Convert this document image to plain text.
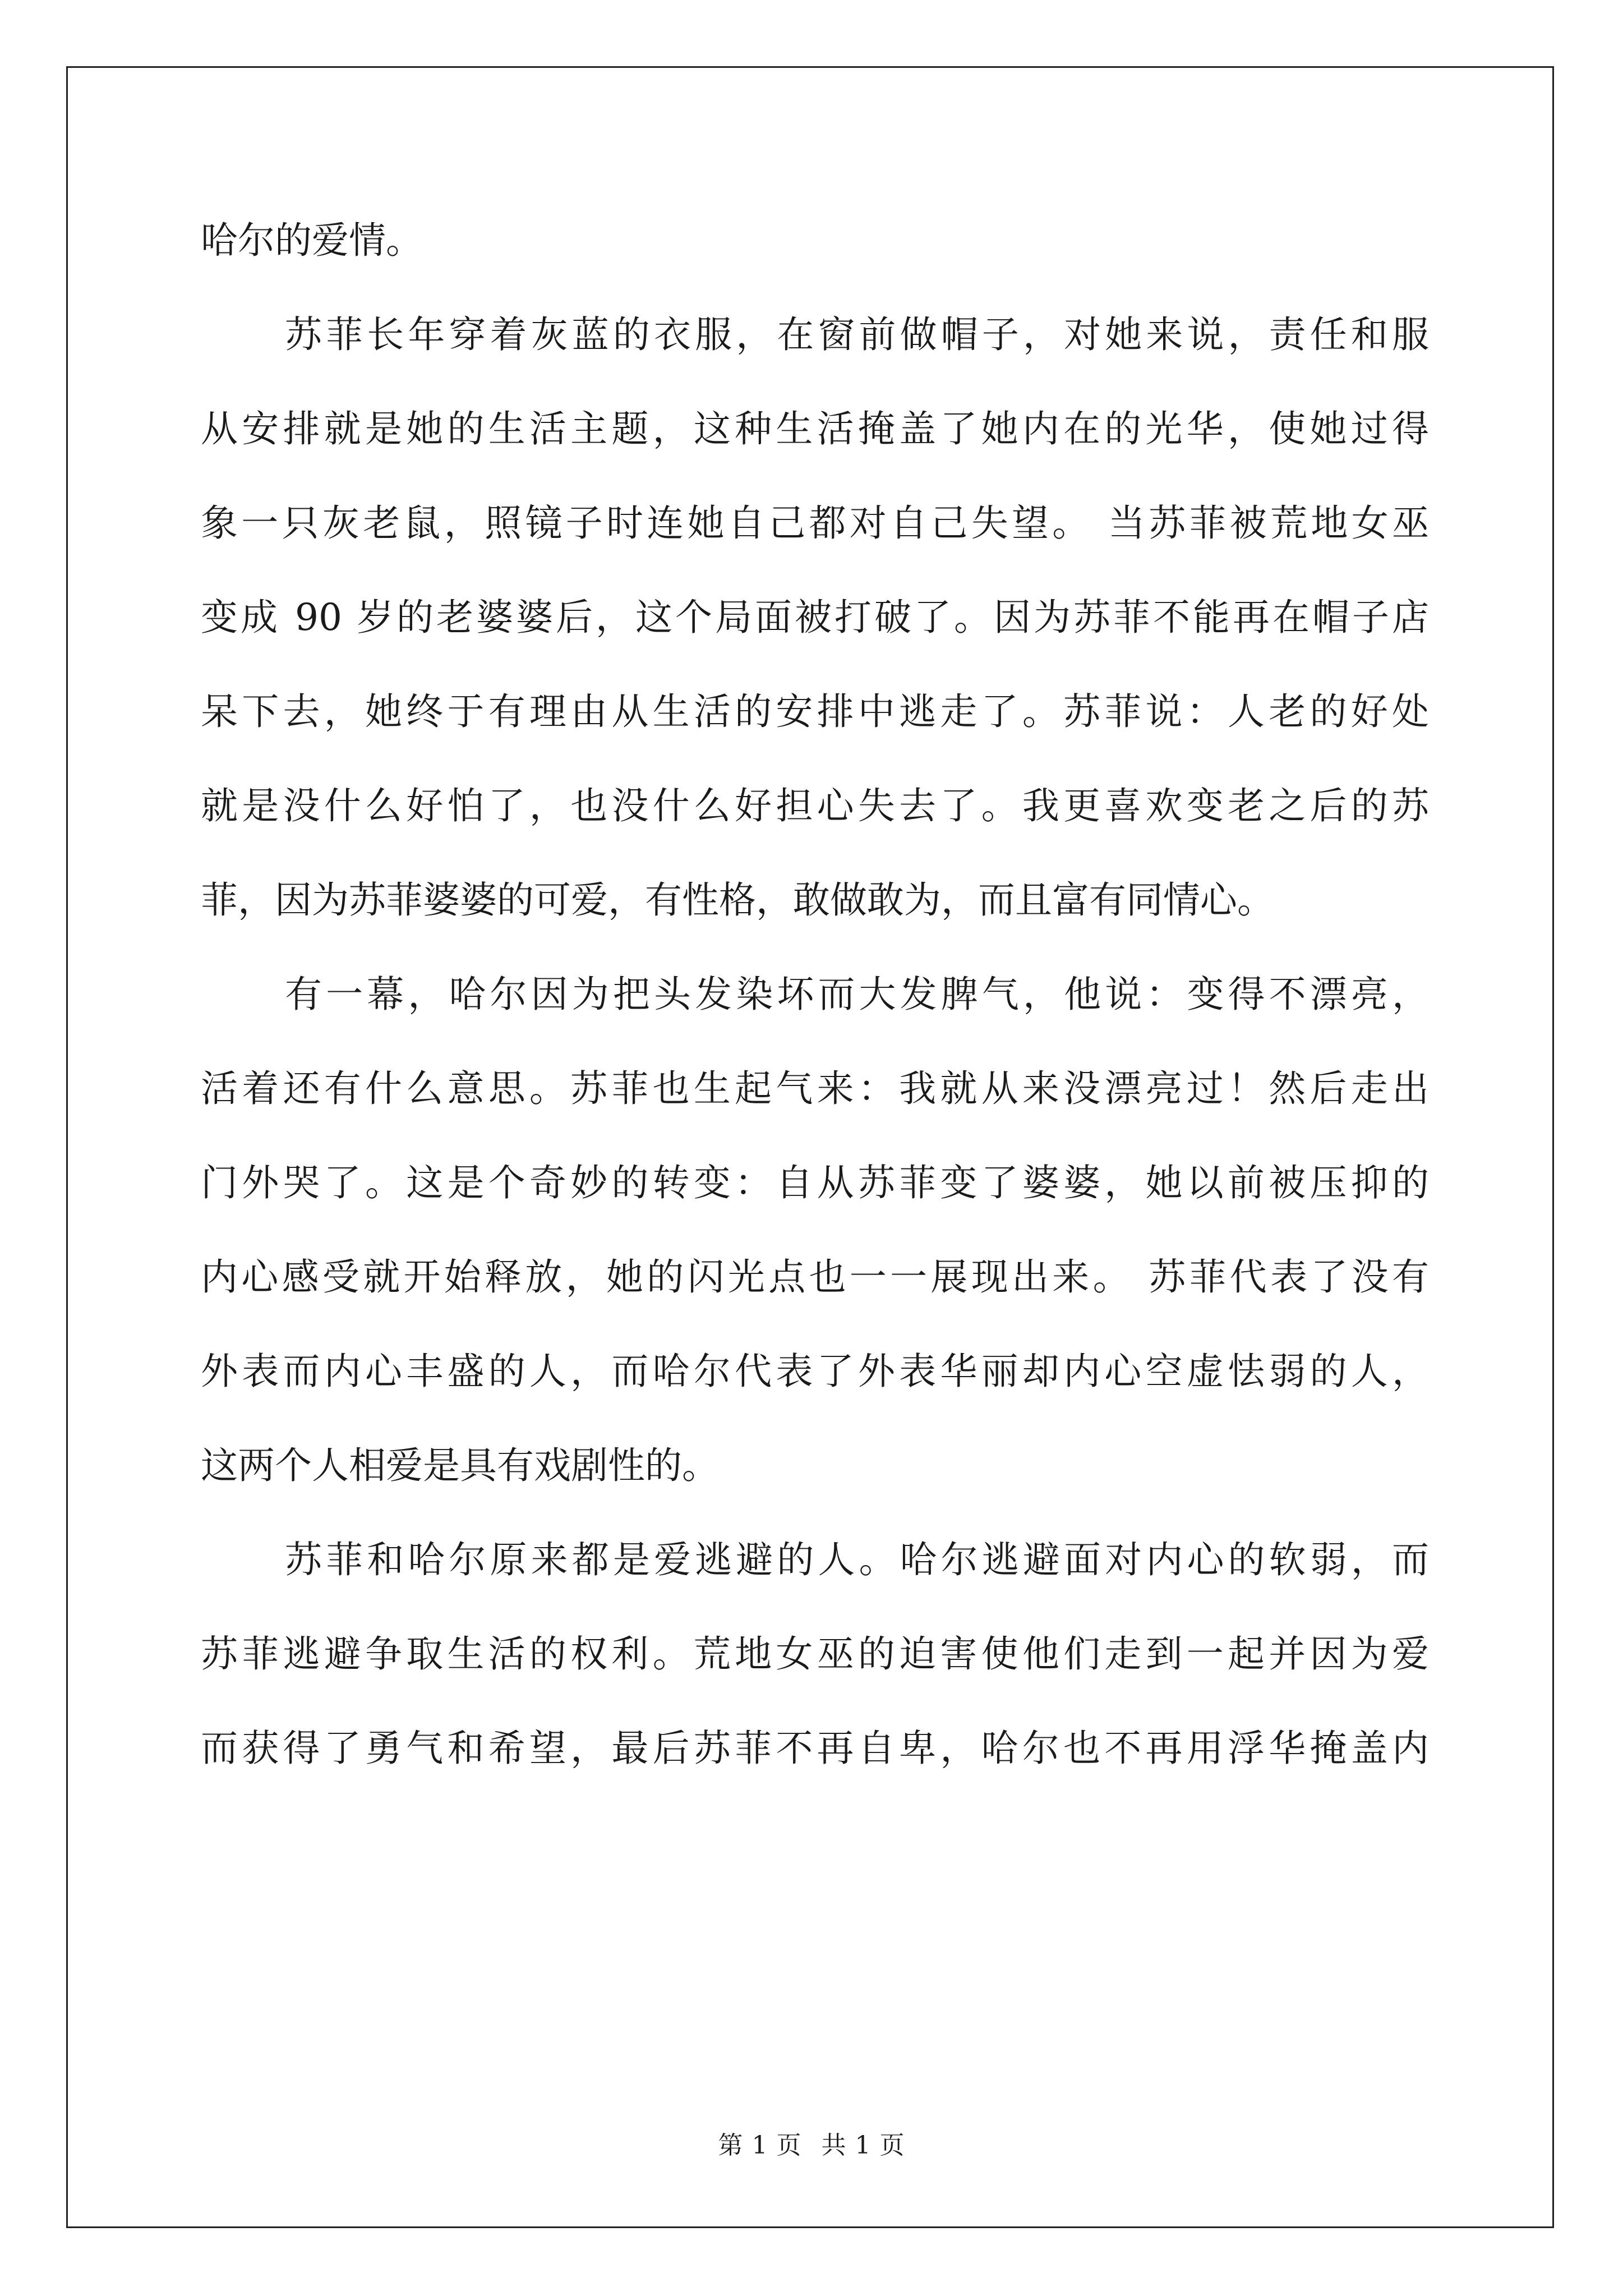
哈尔的爱情。
苏菲长年穿着灰蓝的衣服，在窗前做帽子，对她来说，责任和服
从安排就是她的生活主题，这种生活掩盖了她内在的光华，使她过得
象一只灰老鼠，照镜子时连她自己都对自己失望。 当苏菲被荒地女巫
变成 90 岁的老婆婆后，这个局面被打破了。因为苏菲不能再在帽子店
呆下去，她终于有理由从生活的安排中逃走了。苏菲说：人老的好处
就是没什么好怕了，也没什么好担心失去了。我更喜欢变老之后的苏
菲，因为苏菲婆婆的可爱，有性格，敢做敢为，而且富有同情心。
有一幕，哈尔因为把头发染坏而大发脾气，他说：变得不漂亮，
活着还有什么意思。苏菲也生起气来：我就从来没漂亮过！然后走出
门外哭了。这是个奇妙的转变：自从苏菲变了婆婆，她以前被压抑的
内心感受就开始释放，她的闪光点也一一展现出来。 苏菲代表了没有
外表而内心丰盛的人，而哈尔代表了外表华丽却内心空虚怯弱的人，
这两个人相爱是具有戏剧性的。
苏菲和哈尔原来都是爱逃避的人。哈尔逃避面对内心的软弱，而
苏菲逃避争取生活的权利。荒地女巫的迫害使他们走到一起并因为爱
而获得了勇气和希望，最后苏菲不再自卑，哈尔也不再用浮华掩盖内
第 1 页 共 1 页
